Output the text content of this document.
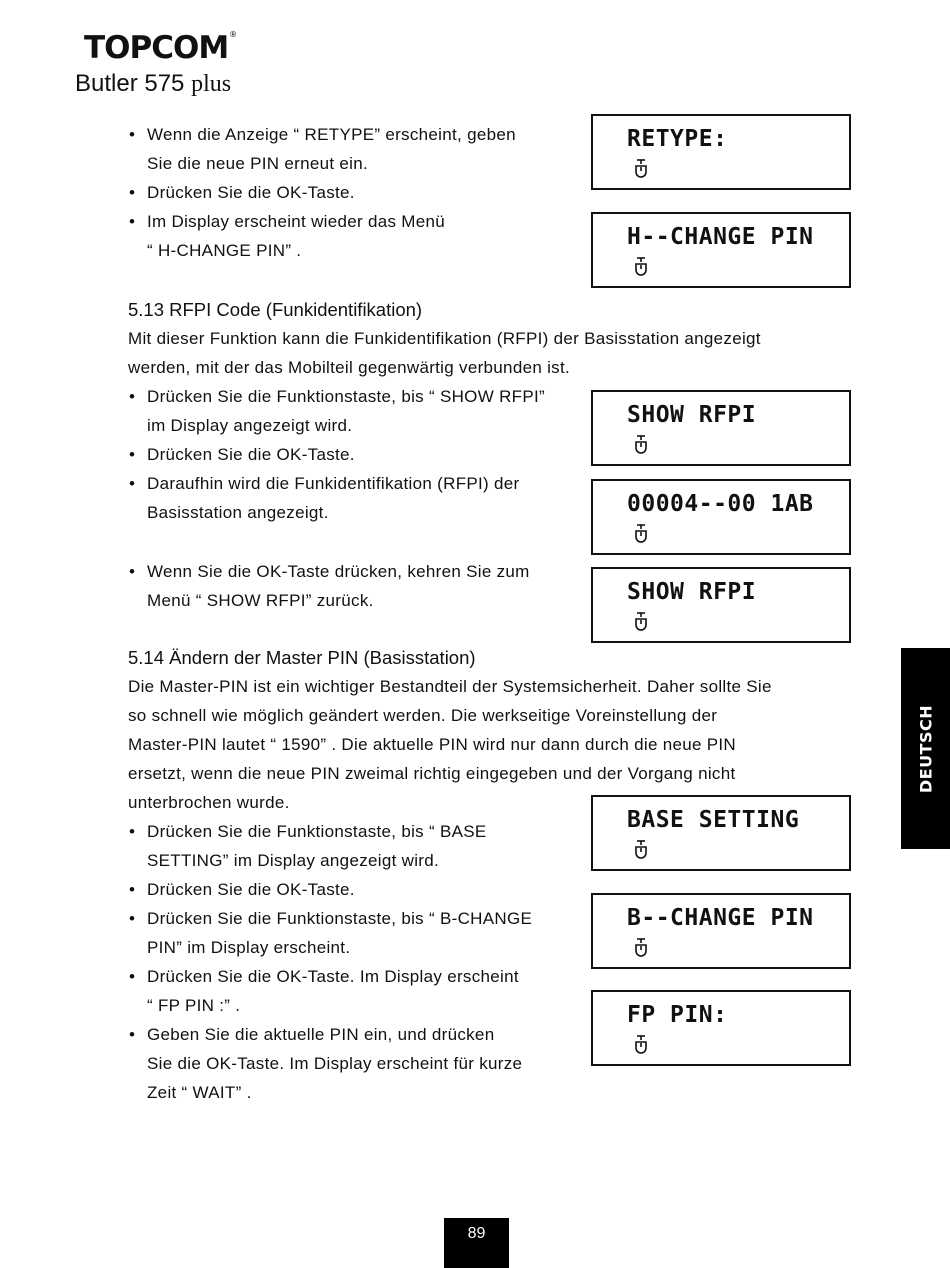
TOPCOM®
Butler 575 plus
• Wenn die Anzeige “ RETYPE” erscheint, geben
Sie die neue PIN erneut ein.
• Drücken Sie die OK-Taste.
• Im Display erscheint wieder das Menü
“ H-CHANGE PIN” .
5.13 RFPI Code (Funkidentifikation)
Mit dieser Funktion kann die Funkidentifikation (RFPI) der Basisstation angezeigt
werden, mit der das Mobilteil gegenwärtig verbunden ist.
• Drücken Sie die Funktionstaste, bis “ SHOW RFPI”
im Display angezeigt wird.
• Drücken Sie die OK-Taste.
• Daraufhin wird die Funkidentifikation (RFPI) der
Basisstation angezeigt.
• Wenn Sie die OK-Taste drücken, kehren Sie zum
Menü “ SHOW RFPI” zurück.
5.14 Ändern der Master PIN (Basisstation)
Die Master-PIN ist ein wichtiger Bestandteil der Systemsicherheit. Daher sollte Sie
so schnell wie möglich geändert werden. Die werkseitige Voreinstellung der
Master-PIN lautet “ 1590” . Die aktuelle PIN wird nur dann durch die neue PIN
ersetzt, wenn die neue PIN zweimal richtig eingegeben und der Vorgang nicht
unterbrochen wurde.
• Drücken Sie die Funktionstaste, bis “ BASE
SETTING” im Display angezeigt wird.
• Drücken Sie die OK-Taste.
• Drücken Sie die Funktionstaste, bis “ B-CHANGE
PIN” im Display erscheint.
• Drücken Sie die OK-Taste. Im Display erscheint
“ FP PIN :” .
• Geben Sie die aktuelle PIN ein, und drücken
Sie die OK-Taste. Im Display erscheint für kurze
Zeit “ WAIT” .
RETYPE:
H--CHANGE PIN
SHOW RFPI
00004--00 1AB
SHOW RFPI
BASE SETTING
B--CHANGE PIN
FP PIN:
DEUTSCH
89
